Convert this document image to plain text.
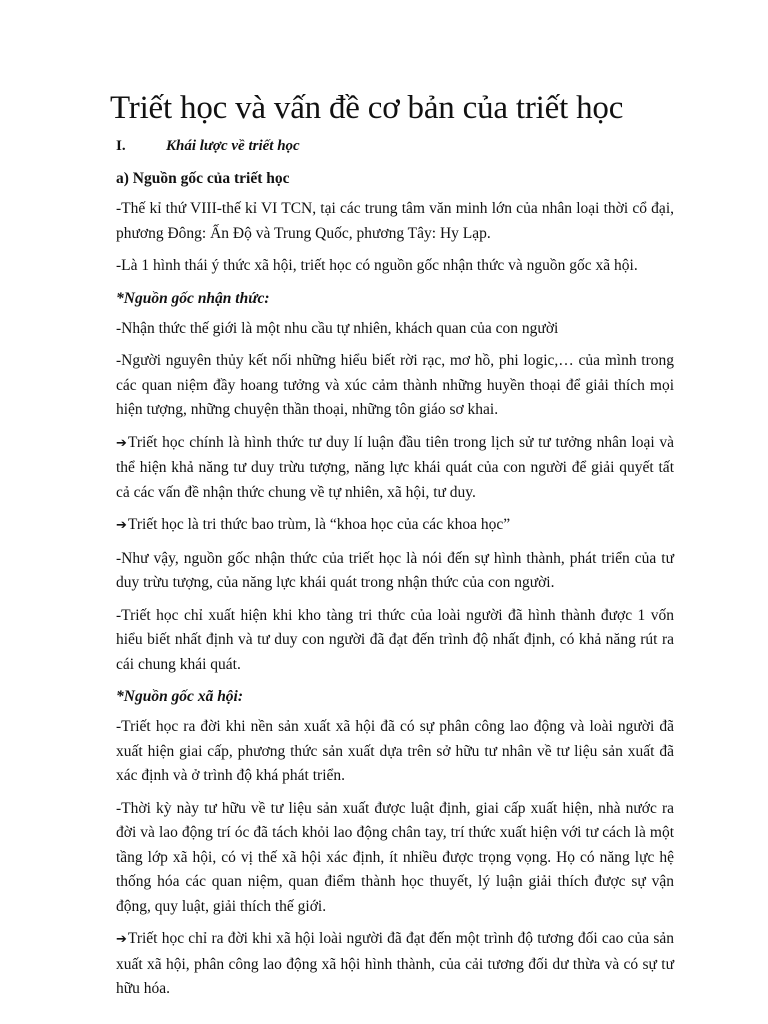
Triết học và vấn đề cơ bản của triết học
I.	Khái lược về triết học
a) Nguồn gốc của triết học

-Thế kỉ thứ VIII-thế kỉ VI TCN, tại các trung tâm văn minh lớn của nhân loại thời cổ đại, phương Đông: Ấn Độ và Trung Quốc, phương Tây: Hy Lạp.

-Là 1 hình thái ý thức xã hội, triết học có nguồn gốc nhận thức và nguồn gốc xã hội.

*Nguồn gốc nhận thức:

-Nhận thức thế giới là một nhu cầu tự nhiên, khách quan của con người

-Người nguyên thủy kết nối những hiểu biết rời rạc, mơ hồ, phi logic,… của mình trong các quan niệm đầy hoang tưởng và xúc cảm thành những huyền thoại để giải thích mọi hiện tượng, những chuyện thần thoại, những tôn giáo sơ khai.

➔Triết học chính là hình thức tư duy lí luận đầu tiên trong lịch sử tư tưởng nhân loại và thể hiện khả năng tư duy trừu tượng, năng lực khái quát của con người để giải quyết tất cả các vấn đề nhận thức chung về tự nhiên, xã hội, tư duy.

➔Triết học là tri thức bao trùm, là “khoa học của các khoa học”

-Như vậy, nguồn gốc nhận thức của triết học là nói đến sự hình thành, phát triển của tư duy trừu tượng, của năng lực khái quát trong nhận thức của con người.

-Triết học chỉ xuất hiện khi kho tàng tri thức của loài người đã hình thành được 1 vốn hiểu biết nhất định và tư duy con người đã đạt đến trình độ nhất định, có khả năng rút ra cái chung khái quát.

*Nguồn gốc xã hội:

-Triết học ra đời khi nền sản xuất xã hội đã có sự phân công lao động và loài người đã xuất hiện giai cấp, phương thức sản xuất dựa trên sở hữu tư nhân về tư liệu sản xuất đã xác định và ở trình độ khá phát triển.

-Thời kỳ này tư hữu về tư liệu sản xuất được luật định, giai cấp xuất hiện, nhà nước ra đời và lao động trí óc đã tách khỏi lao động chân tay, trí thức xuất hiện với tư cách là một tầng lớp xã hội, có vị thế xã hội xác định, ít nhiều được trọng vọng. Họ có năng lực hệ thống hóa các quan niệm, quan điểm thành học thuyết, lý luận giải thích được sự vận động, quy luật, giải thích thế giới.

➔Triết học chỉ ra đời khi xã hội loài người đã đạt đến một trình độ tương đối cao của sản xuất xã hội, phân công lao động xã hội hình thành, của cải tương đối dư thừa và có sự tư hữu hóa.
